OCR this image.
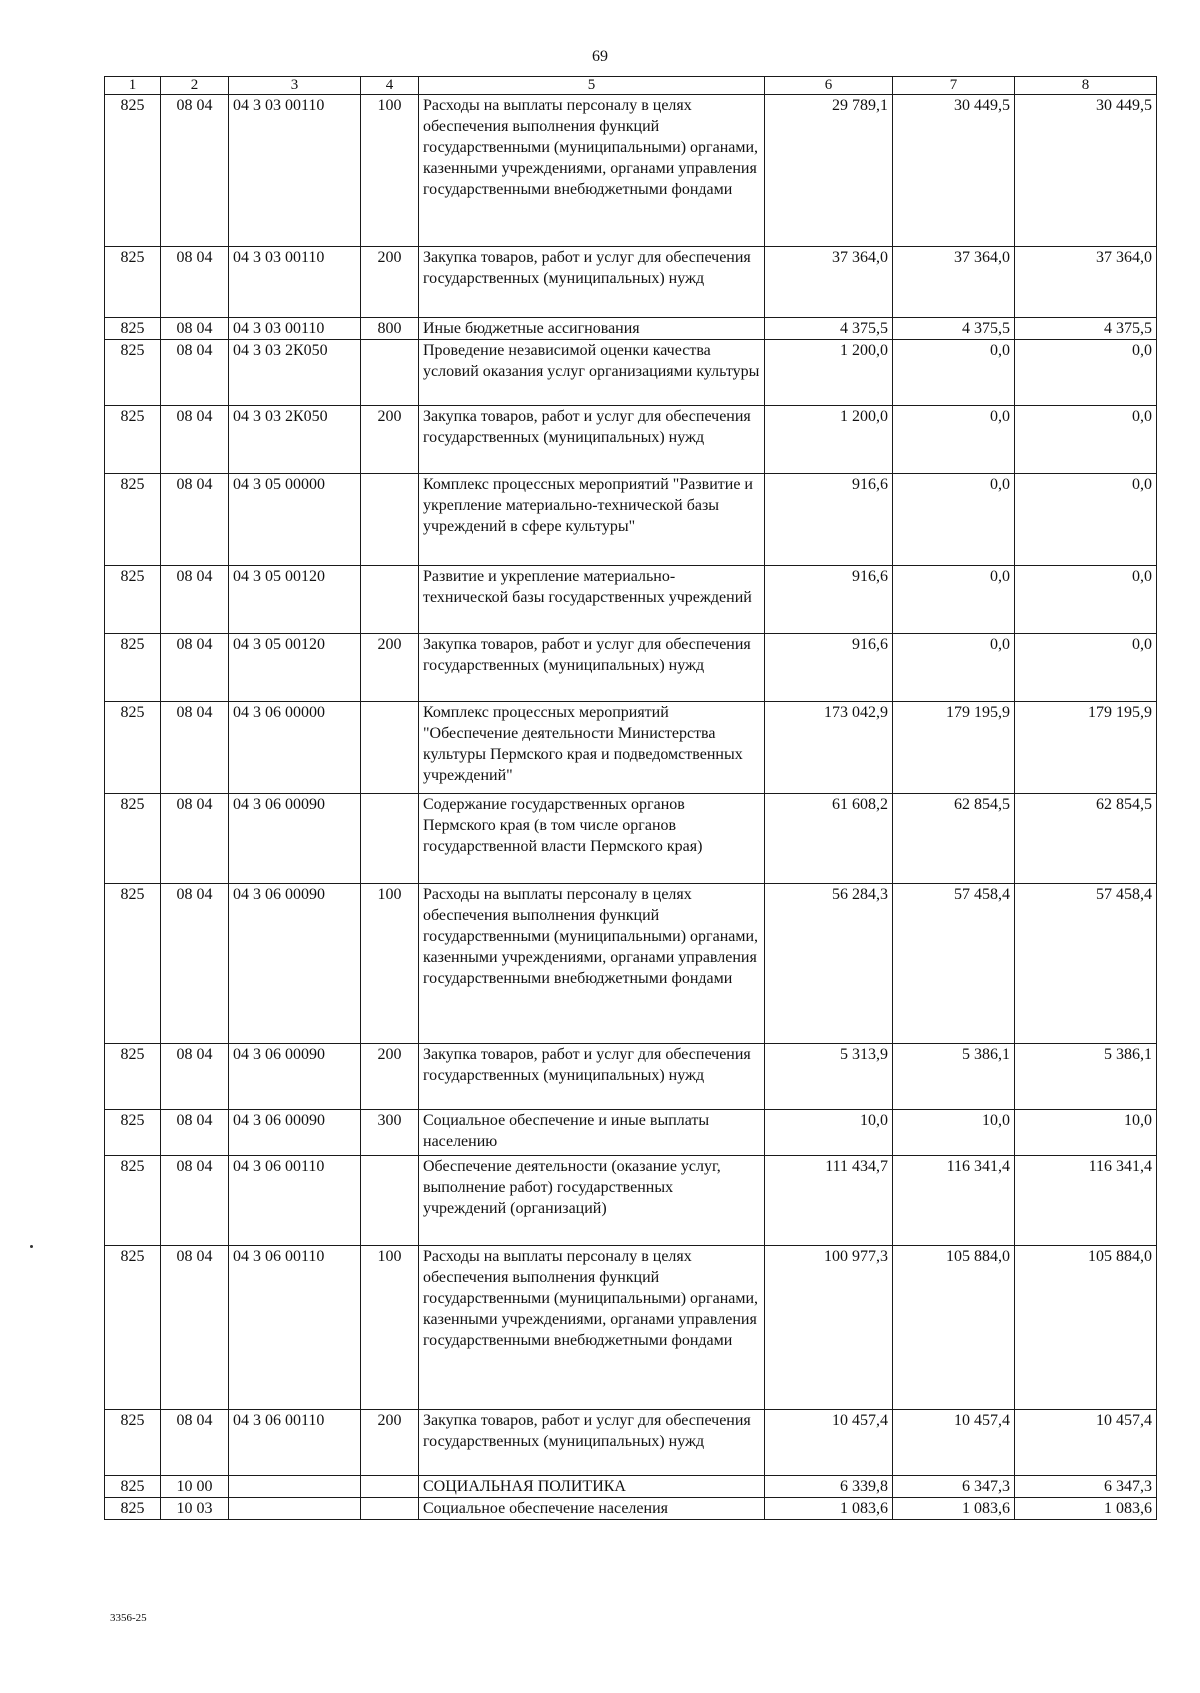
69
1	2	3	4	5	6	7	8
825	08 04	04 3 03 00110	100	Расходы на выплаты персоналу в целях обеспечения выполнения функций государственными (муниципальными) органами, казенными учреждениями, органами управления государственными внебюджетными фондами	29 789,1	30 449,5	30 449,5
825	08 04	04 3 03 00110	200	Закупка товаров, работ и услуг для обеспечения государственных (муниципальных) нужд	37 364,0	37 364,0	37 364,0
825	08 04	04 3 03 00110	800	Иные бюджетные ассигнования	4 375,5	4 375,5	4 375,5
825	08 04	04 3 03 2К050		Проведение независимой оценки качества условий оказания услуг организациями культуры	1 200,0	0,0	0,0
825	08 04	04 3 03 2К050	200	Закупка товаров, работ и услуг для обеспечения государственных (муниципальных) нужд	1 200,0	0,0	0,0
825	08 04	04 3 05 00000		Комплекс процессных мероприятий "Развитие и укрепление материально-технической базы учреждений в сфере культуры"	916,6	0,0	0,0
825	08 04	04 3 05 00120		Развитие и укрепление материально-технической базы государственных учреждений	916,6	0,0	0,0
825	08 04	04 3 05 00120	200	Закупка товаров, работ и услуг для обеспечения государственных (муниципальных) нужд	916,6	0,0	0,0
825	08 04	04 3 06 00000		Комплекс процессных мероприятий "Обеспечение деятельности Министерства культуры Пермского края и подведомственных учреждений"	173 042,9	179 195,9	179 195,9
825	08 04	04 3 06 00090		Содержание государственных органов Пермского края (в том числе органов государственной власти Пермского края)	61 608,2	62 854,5	62 854,5
825	08 04	04 3 06 00090	100	Расходы на выплаты персоналу в целях обеспечения выполнения функций государственными (муниципальными) органами, казенными учреждениями, органами управления государственными внебюджетными фондами	56 284,3	57 458,4	57 458,4
825	08 04	04 3 06 00090	200	Закупка товаров, работ и услуг для обеспечения государственных (муниципальных) нужд	5 313,9	5 386,1	5 386,1
825	08 04	04 3 06 00090	300	Социальное обеспечение и иные выплаты населению	10,0	10,0	10,0
825	08 04	04 3 06 00110		Обеспечение деятельности (оказание услуг, выполнение работ) государственных учреждений (организаций)	111 434,7	116 341,4	116 341,4
825	08 04	04 3 06 00110	100	Расходы на выплаты персоналу в целях обеспечения выполнения функций государственными (муниципальными) органами, казенными учреждениями, органами управления государственными внебюджетными фондами	100 977,3	105 884,0	105 884,0
825	08 04	04 3 06 00110	200	Закупка товаров, работ и услуг для обеспечения государственных (муниципальных) нужд	10 457,4	10 457,4	10 457,4
825	10 00			СОЦИАЛЬНАЯ ПОЛИТИКА	6 339,8	6 347,3	6 347,3
825	10 03			Социальное обеспечение населения	1 083,6	1 083,6	1 083,6
3356-25
